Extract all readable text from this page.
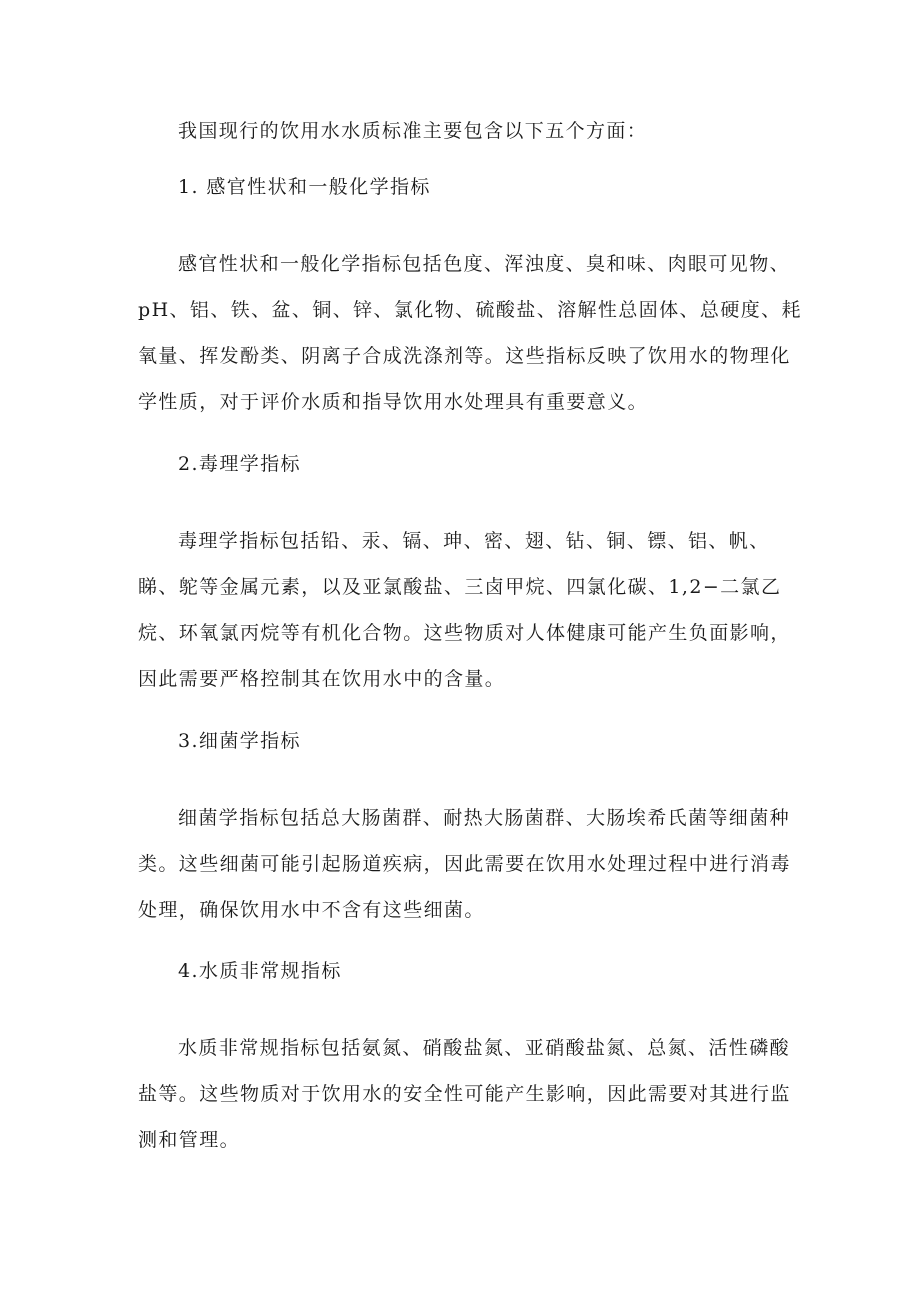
我国现行的饮用水水质标准主要包含以下五个方面：

1. 感官性状和一般化学指标

感官性状和一般化学指标包括色度、浑浊度、臭和味、肉眼可见物、pH、铝、铁、盆、铜、锌、氯化物、硫酸盐、溶解性总固体、总硬度、耗氧量、挥发酚类、阴离子合成洗涤剂等。这些指标反映了饮用水的物理化学性质，对于评价水质和指导饮用水处理具有重要意义。

2.毒理学指标

毒理学指标包括铅、汞、镉、珅、密、翅、钻、铜、镖、铝、帆、睇、鸵等金属元素，以及亚氯酸盐、三卤甲烷、四氯化碳、1,2−二氯乙烷、环氧氯丙烷等有机化合物。这些物质对人体健康可能产生负面影响，因此需要严格控制其在饮用水中的含量。

3.细菌学指标

细菌学指标包括总大肠菌群、耐热大肠菌群、大肠埃希氏菌等细菌种类。这些细菌可能引起肠道疾病，因此需要在饮用水处理过程中进行消毒处理，确保饮用水中不含有这些细菌。

4.水质非常规指标

水质非常规指标包括氨氮、硝酸盐氮、亚硝酸盐氮、总氮、活性磷酸盐等。这些物质对于饮用水的安全性可能产生影响，因此需要对其进行监测和管理。
